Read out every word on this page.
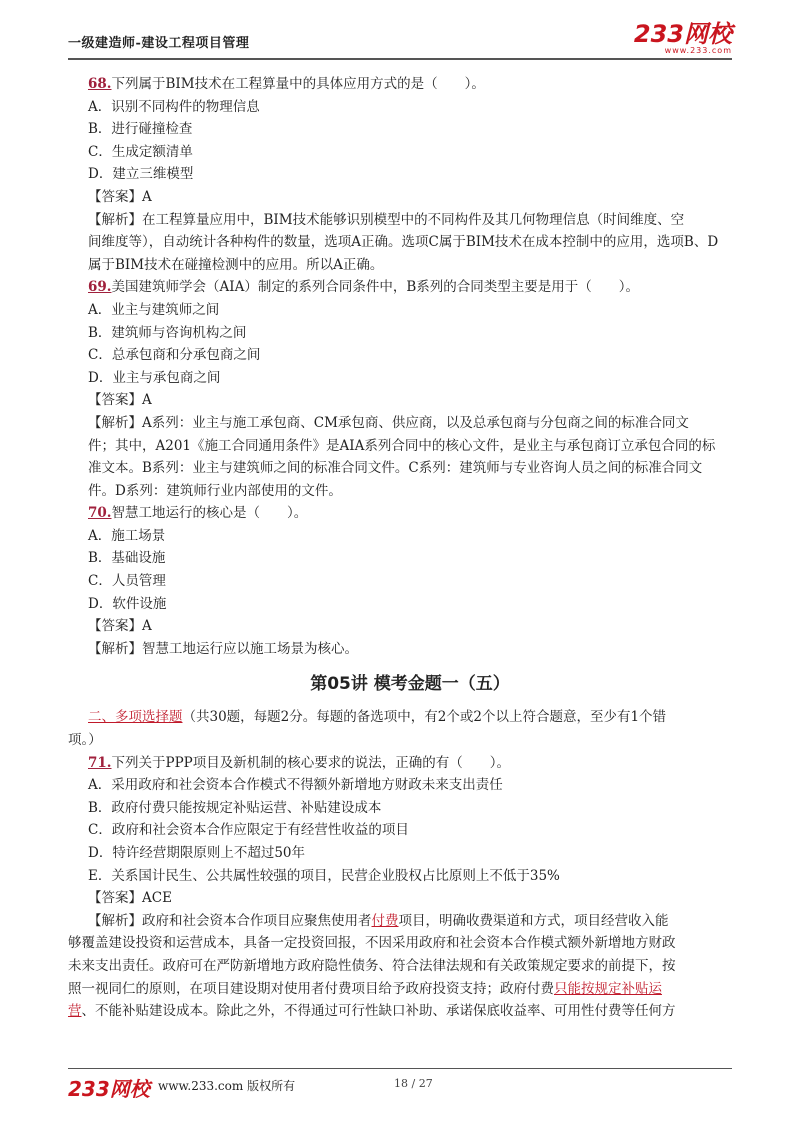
一级建造师-建设工程项目管理	233网校
www.233.com
68.下列属于BIM技术在工程算量中的具体应用方式的是（　　）。
A．识别不同构件的物理信息
B．进行碰撞检查
C．生成定额清单
D．建立三维模型
【答案】A
【解析】在工程算量应用中，BIM技术能够识别模型中的不同构件及其几何物理信息（时间维度、空
间维度等），自动统计各种构件的数量，选项A正确。选项C属于BIM技术在成本控制中的应用，选项B、D
属于BIM技术在碰撞检测中的应用。所以A正确。
69.美国建筑师学会（AIA）制定的系列合同条件中，B系列的合同类型主要是用于（　　）。
A．业主与建筑师之间
B．建筑师与咨询机构之间
C．总承包商和分承包商之间
D．业主与承包商之间
【答案】A
【解析】A系列：业主与施工承包商、CM承包商、供应商，以及总承包商与分包商之间的标准合同文
件；其中，A201《施工合同通用条件》是AIA系列合同中的核心文件，是业主与承包商订立承包合同的标
准文本。B系列：业主与建筑师之间的标准合同文件。C系列：建筑师与专业咨询人员之间的标准合同文
件。D系列：建筑师行业内部使用的文件。
70.智慧工地运行的核心是（　　）。
A．施工场景
B．基础设施
C．人员管理
D．软件设施
【答案】A
【解析】智慧工地运行应以施工场景为核心。
第05讲 模考金题一（五）
二、多项选择题（共30题，每题2分。每题的备选项中，有2个或2个以上符合题意，至少有1个错
项。）
71.下列关于PPP项目及新机制的核心要求的说法，正确的有（　　）。
A．采用政府和社会资本合作模式不得额外新增地方财政未来支出责任
B．政府付费只能按规定补贴运营、补贴建设成本
C．政府和社会资本合作应限定于有经营性收益的项目
D．特许经营期限原则上不超过50年
E．关系国计民生、公共属性较强的项目，民营企业股权占比原则上不低于35%
【答案】ACE
【解析】政府和社会资本合作项目应聚焦使用者付费项目，明确收费渠道和方式，项目经营收入能
够覆盖建设投资和运营成本，具备一定投资回报，不因采用政府和社会资本合作模式额外新增地方财政
未来支出责任。政府可在严防新增地方政府隐性债务、符合法律法规和有关政策规定要求的前提下，按
照一视同仁的原则，在项目建设期对使用者付费项目给予政府投资支持；政府付费只能按规定补贴运
营、不能补贴建设成本。除此之外，不得通过可行性缺口补助、承诺保底收益率、可用性付费等任何方
233网校 www.233.com 版权所有	18 / 27
